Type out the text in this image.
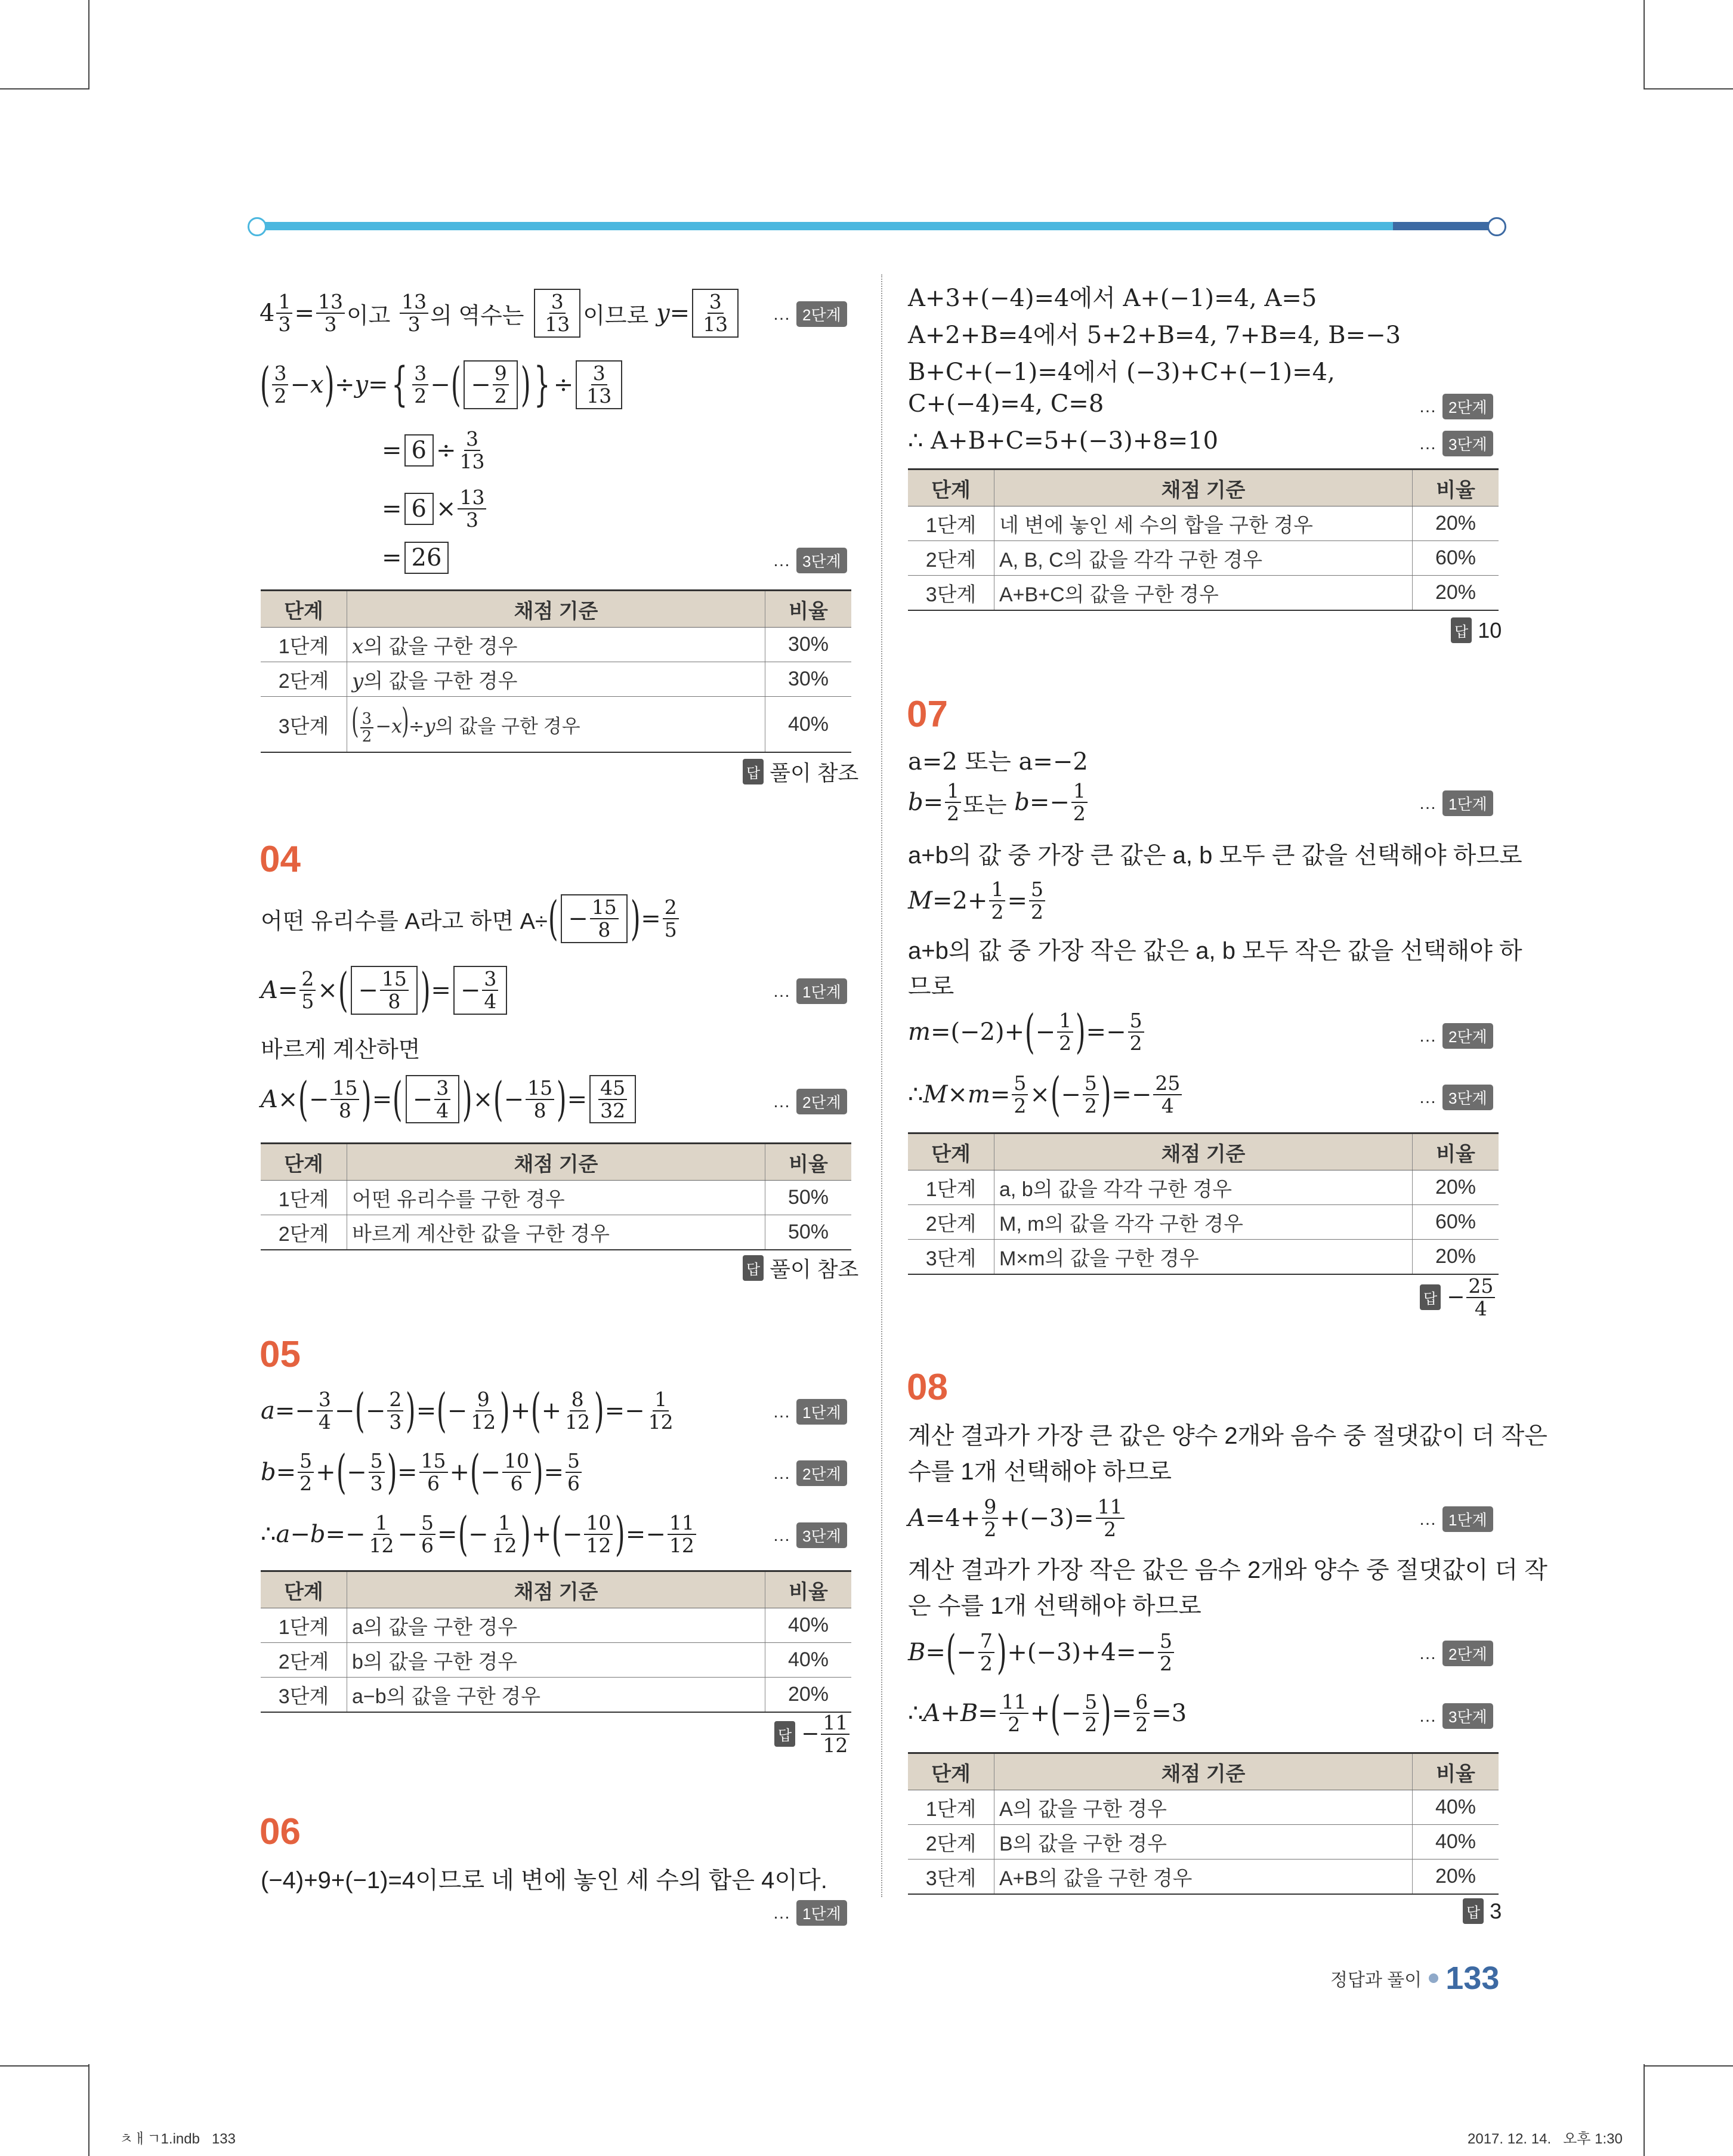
$4 \frac{1}{3} = \frac{13}{3}$ 이고
$\frac{13}{3}$ 의 역수는
$\frac{3}{13}$ 이므로
$y = \frac{3}{13}$ … 2단계
( $\frac{3}{2} - x$ ) ÷ y = { $\frac{3}{2}$ − ( − $\frac{9}{2}$ ) } ÷ $\frac{3}{13}$
= $6 \div \frac{3}{13}$
= $6 \times \frac{13}{3}$
= 26	… 3단계
단계	채점 기준	비율
1단계	x의 값을 구한 경우	30%
2단계	y의 값을 구한 경우	30%
3단계	( $\frac{3}{2} -x)\div y$의 값을 구한 경우	40%
답 풀이 참조
04
어떤 유리수를 A라고 하면 A÷ ( − $\frac{15}{8}$ ) = $\frac{2}{5}$
$A = \frac{2}{5}$ × ( − $\frac{15}{8}$ ) = − $\frac{3}{4}$	… 1단계
바르게 계산하면
A × ( − $\frac{15}{8}$ ) = ( − $\frac{3}{4}$ ) × ( − $\frac{15}{8}$ ) = $\frac{45}{32}$	… 2단계
단계	채점 기준	비율
1단계	어떤 유리수를 구한 경우	50%
2단계	바르게 계산한 값을 구한 경우	50%
답 풀이 참조
05
$a =- \frac{3}{4}$ − ( − $\frac{2}{3}$ ) = ( − $\frac{9}{12}$ ) + ( + $\frac{8}{12}$ ) =− $\frac{1}{12}$	… 1단계
$b = \frac{5}{2}$ + ( − $\frac{5}{3}$ ) = $\frac{15}{6}$ + ( − $\frac{10}{6}$ ) = $\frac{5}{6}$	… 2단계
∴ $a - b =- \frac{1}{12} - \frac{5}{6}$ = ( − $\frac{1}{12}$ ) + ( − $\frac{10}{12}$ ) =− $\frac{11}{12}$	… 3단계
단계	채점 기준	비율
1단계	a의 값을 구한 경우	40%
2단계	b의 값을 구한 경우	40%
3단계	a−b의 값을 구한 경우	20%
답 − $\frac{11}{12}$
06
(−4)+9+(−1)=4이므로 네 변에 놓인 세 수의 합은 4이다.
… 1단계
A+3+(−4)=4에서 A+(−1)=4, A=5
A+2+B=4에서 5+2+B=4, 7+B=4, B=−3
B+C+(−1)=4에서 (−3)+C+(−1)=4,
C+(−4)=4, C=8	… 2단계
∴ A+B+C=5+(−3)+8=10	… 3단계
단계	채점 기준	비율
1단계	네 변에 놓인 세 수의 합을 구한 경우	20%
2단계	A, B, C의 값을 각각 구한 경우	60%
3단계	A+B+C의 값을 구한 경우	20%
답 10
07
a=2 또는 a=−2
$b = \frac{1}{2}$ 또는
$b =- \frac{1}{2}$	… 1단계
a+b의 값 중 가장 큰 값은 a, b 모두 큰 값을 선택해야 하므로
$M =2+ \frac{1}{2} = \frac{5}{2}$
a+b의 값 중 가장 작은 값은 a, b 모두 작은 값을 선택해야 하
므로
m =(−2)+ ( − $\frac{1}{2}$ ) =− $\frac{5}{2}$	… 2단계
∴ $M \times m = \frac{5}{2}$ × ( − $\frac{5}{2}$ ) =− $\frac{25}{4}$	… 3단계
단계	채점 기준	비율
1단계	a, b의 값을 각각 구한 경우	20%
2단계	M, m의 값을 각각 구한 경우	60%
3단계	M×m의 값을 구한 경우	20%
답 − $\frac{25}{4}$
08
계산 결과가 가장 큰 값은 양수 2개와 음수 중 절댓값이 더 작은
수를 1개 선택해야 하므로
$A =4+ \frac{9}{2} +(-3)= \frac{11}{2}$	… 1단계
계산 결과가 가장 작은 값은 음수 2개와 양수 중 절댓값이 더 작
은 수를 1개 선택해야 하므로
B = ( − $\frac{7}{2}$ ) $+(-3)+4=- \frac{5}{2}$	… 2단계
∴ $A + B = \frac{11}{2}$ + ( − $\frac{5}{2}$ ) = $\frac{6}{2} =3$	… 3단계
단계	채점 기준	비율
1단계	A의 값을 구한 경우	40%
2단계	B의 값을 구한 경우	40%
3단계	A+B의 값을 구한 경우	20%
답 3
정답과 풀이 133
ㅊㅐㄱ1.indb   133	2017. 12. 14.   오후 1:30
